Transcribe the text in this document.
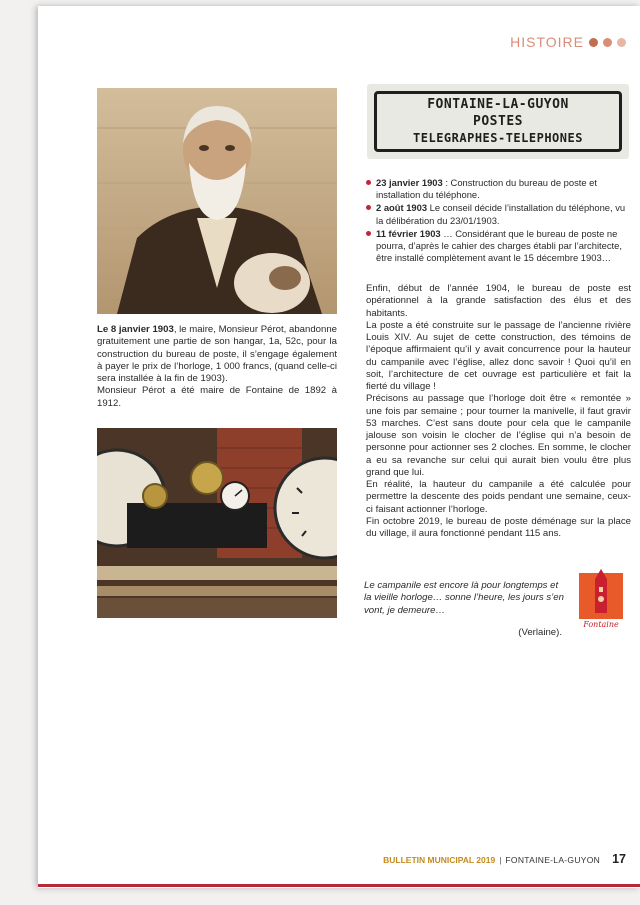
HISTOIRE

Le 8 janvier 1903, le maire, Monsieur Pérot, abandonne gratuitement une partie de son hangar, 1a, 52c, pour la construction du bureau de poste, il s’engage également à payer le prix de l’horloge, 1 000 francs, (quand celle-ci sera installée à la fin de 1903).

Monsieur Pérot a été maire de Fontaine de 1892 à 1912.

FONTAINE-LA-GUYON
POSTES
TELEGRAPHES-TELEPHONES
23 janvier 1903 : Construction du bureau de poste et installation du téléphone.
2 août 1903 Le conseil décide l’installation du téléphone, vu la délibération du 23/01/1903.
11 février 1903 … Considérant que le bureau de poste ne pourra, d’après le cahier des charges établi par l’architecte, être installé complètement avant le 15 décembre 1903…

Enfin, début de l’année 1904, le bureau de poste est opérationnel à la grande satisfaction des élus et des habitants.

La poste a été construite sur le passage de l’ancienne rivière Louis XIV. Au sujet de cette construction, des témoins de l’époque affirmaient qu’il y avait concurrence pour la hauteur du campanile avec l’église, allez donc savoir ! Quoi qu’il en soit, l’architecture de cet ouvrage est particulière et fait la fierté du village !

Précisons au passage que l’horloge doit être « remontée » une fois par semaine ; pour tourner la manivelle, il faut gravir 53 marches. C’est sans doute pour cela que le campanile jalouse son voisin le clocher de l’église qui n’a besoin de personne pour actionner ses 2 cloches. En somme, le clocher a eu sa revanche sur celui qui aurait bien voulu être plus grand que lui.

En réalité, la hauteur du campanile a été calculée pour permettre la descente des poids pendant une semaine, ceux-ci faisant actionner l’horloge.

Fin octobre 2019, le bureau de poste déménage sur la place du village, il aura fonctionné pendant 115 ans.

Le campanile est encore là pour longtemps et la vieille horloge… sonne l’heure, les jours s’en vont, je demeure…
(Verlaine).
Fontaine
BULLETIN MUNICIPAL 2019 | FONTAINE-LA-GUYON 17
